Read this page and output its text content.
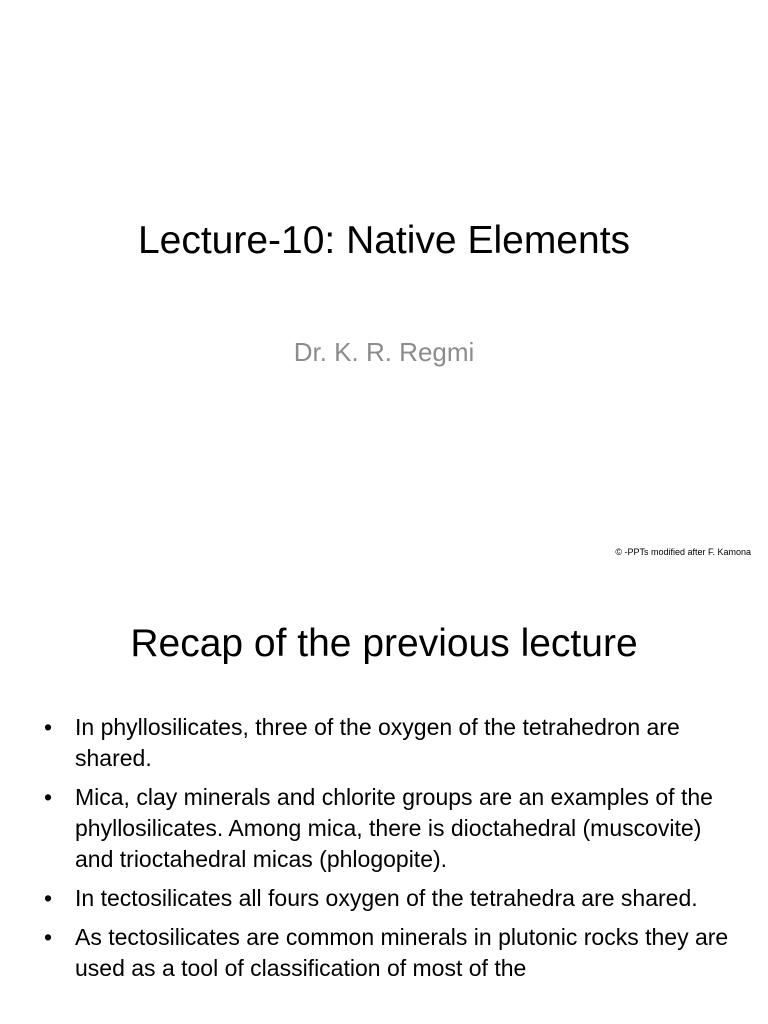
Lecture-10: Native Elements
Dr. K. R. Regmi
© -PPTs modified after F. Kamona
Recap of the previous lecture
• In phyllosilicates, three of the oxygen of the tetrahedron are shared.
• Mica, clay minerals and chlorite groups are an examples of the phyllosilicates. Among mica, there is dioctahedral (muscovite) and trioctahedral micas (phlogopite).
• In tectosilicates all fours oxygen of the tetrahedra are shared.
• As tectosilicates are common minerals in plutonic rocks they are used as a tool of classification of most of the
